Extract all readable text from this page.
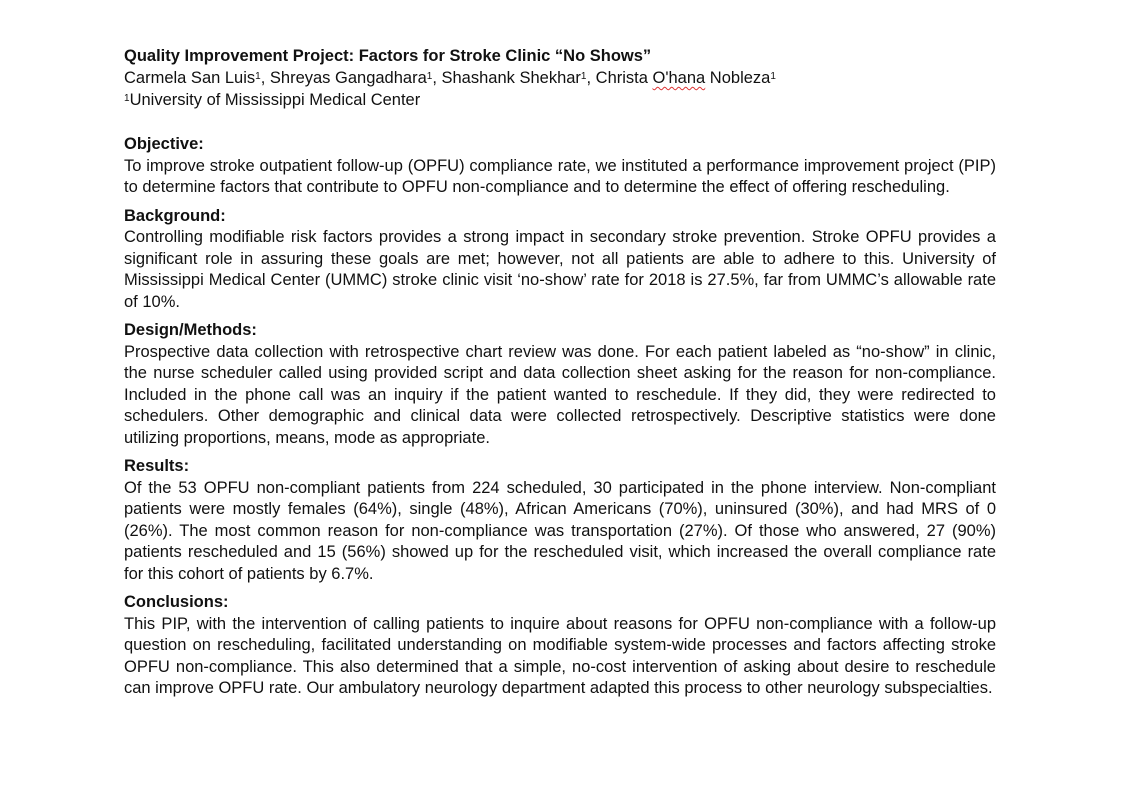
Quality Improvement Project: Factors for Stroke Clinic “No Shows”

Carmela San Luis$^1$, Shreyas Gangadhara$^1$, Shashank Shekhar$^1$, Christa O'hana Nobleza$^1$

$^1$University of Mississippi Medical Center

Objective:

To improve stroke outpatient follow-up (OPFU) compliance rate, we instituted a performance improvement project (PIP) to determine factors that contribute to OPFU non-compliance and to determine the effect of offering rescheduling.

Background:

Controlling modifiable risk factors provides a strong impact in secondary stroke prevention. Stroke OPFU provides a significant role in assuring these goals are met; however, not all patients are able to adhere to this. University of Mississippi Medical Center (UMMC) stroke clinic visit ‘no-show’ rate for 2018 is 27.5%, far from UMMC’s allowable rate of 10%.

Design/Methods:

Prospective data collection with retrospective chart review was done. For each patient labeled as “no-show” in clinic, the nurse scheduler called using provided script and data collection sheet asking for the reason for non-compliance. Included in the phone call was an inquiry if the patient wanted to reschedule. If they did, they were redirected to schedulers. Other demographic and clinical data were collected retrospectively. Descriptive statistics were done utilizing proportions, means, mode as appropriate.

Results:

Of the 53 OPFU non-compliant patients from 224 scheduled, 30 participated in the phone interview. Non-compliant patients were mostly females (64%), single (48%), African Americans (70%), uninsured (30%), and had MRS of 0 (26%). The most common reason for non-compliance was transportation (27%). Of those who answered, 27 (90%) patients rescheduled and 15 (56%) showed up for the rescheduled visit, which increased the overall compliance rate for this cohort of patients by 6.7%.

Conclusions:

This PIP, with the intervention of calling patients to inquire about reasons for OPFU non-compliance with a follow-up question on rescheduling, facilitated understanding on modifiable system-wide processes and factors affecting stroke OPFU non-compliance. This also determined that a simple, no-cost intervention of asking about desire to reschedule can improve OPFU rate. Our ambulatory neurology department adapted this process to other neurology subspecialties.
